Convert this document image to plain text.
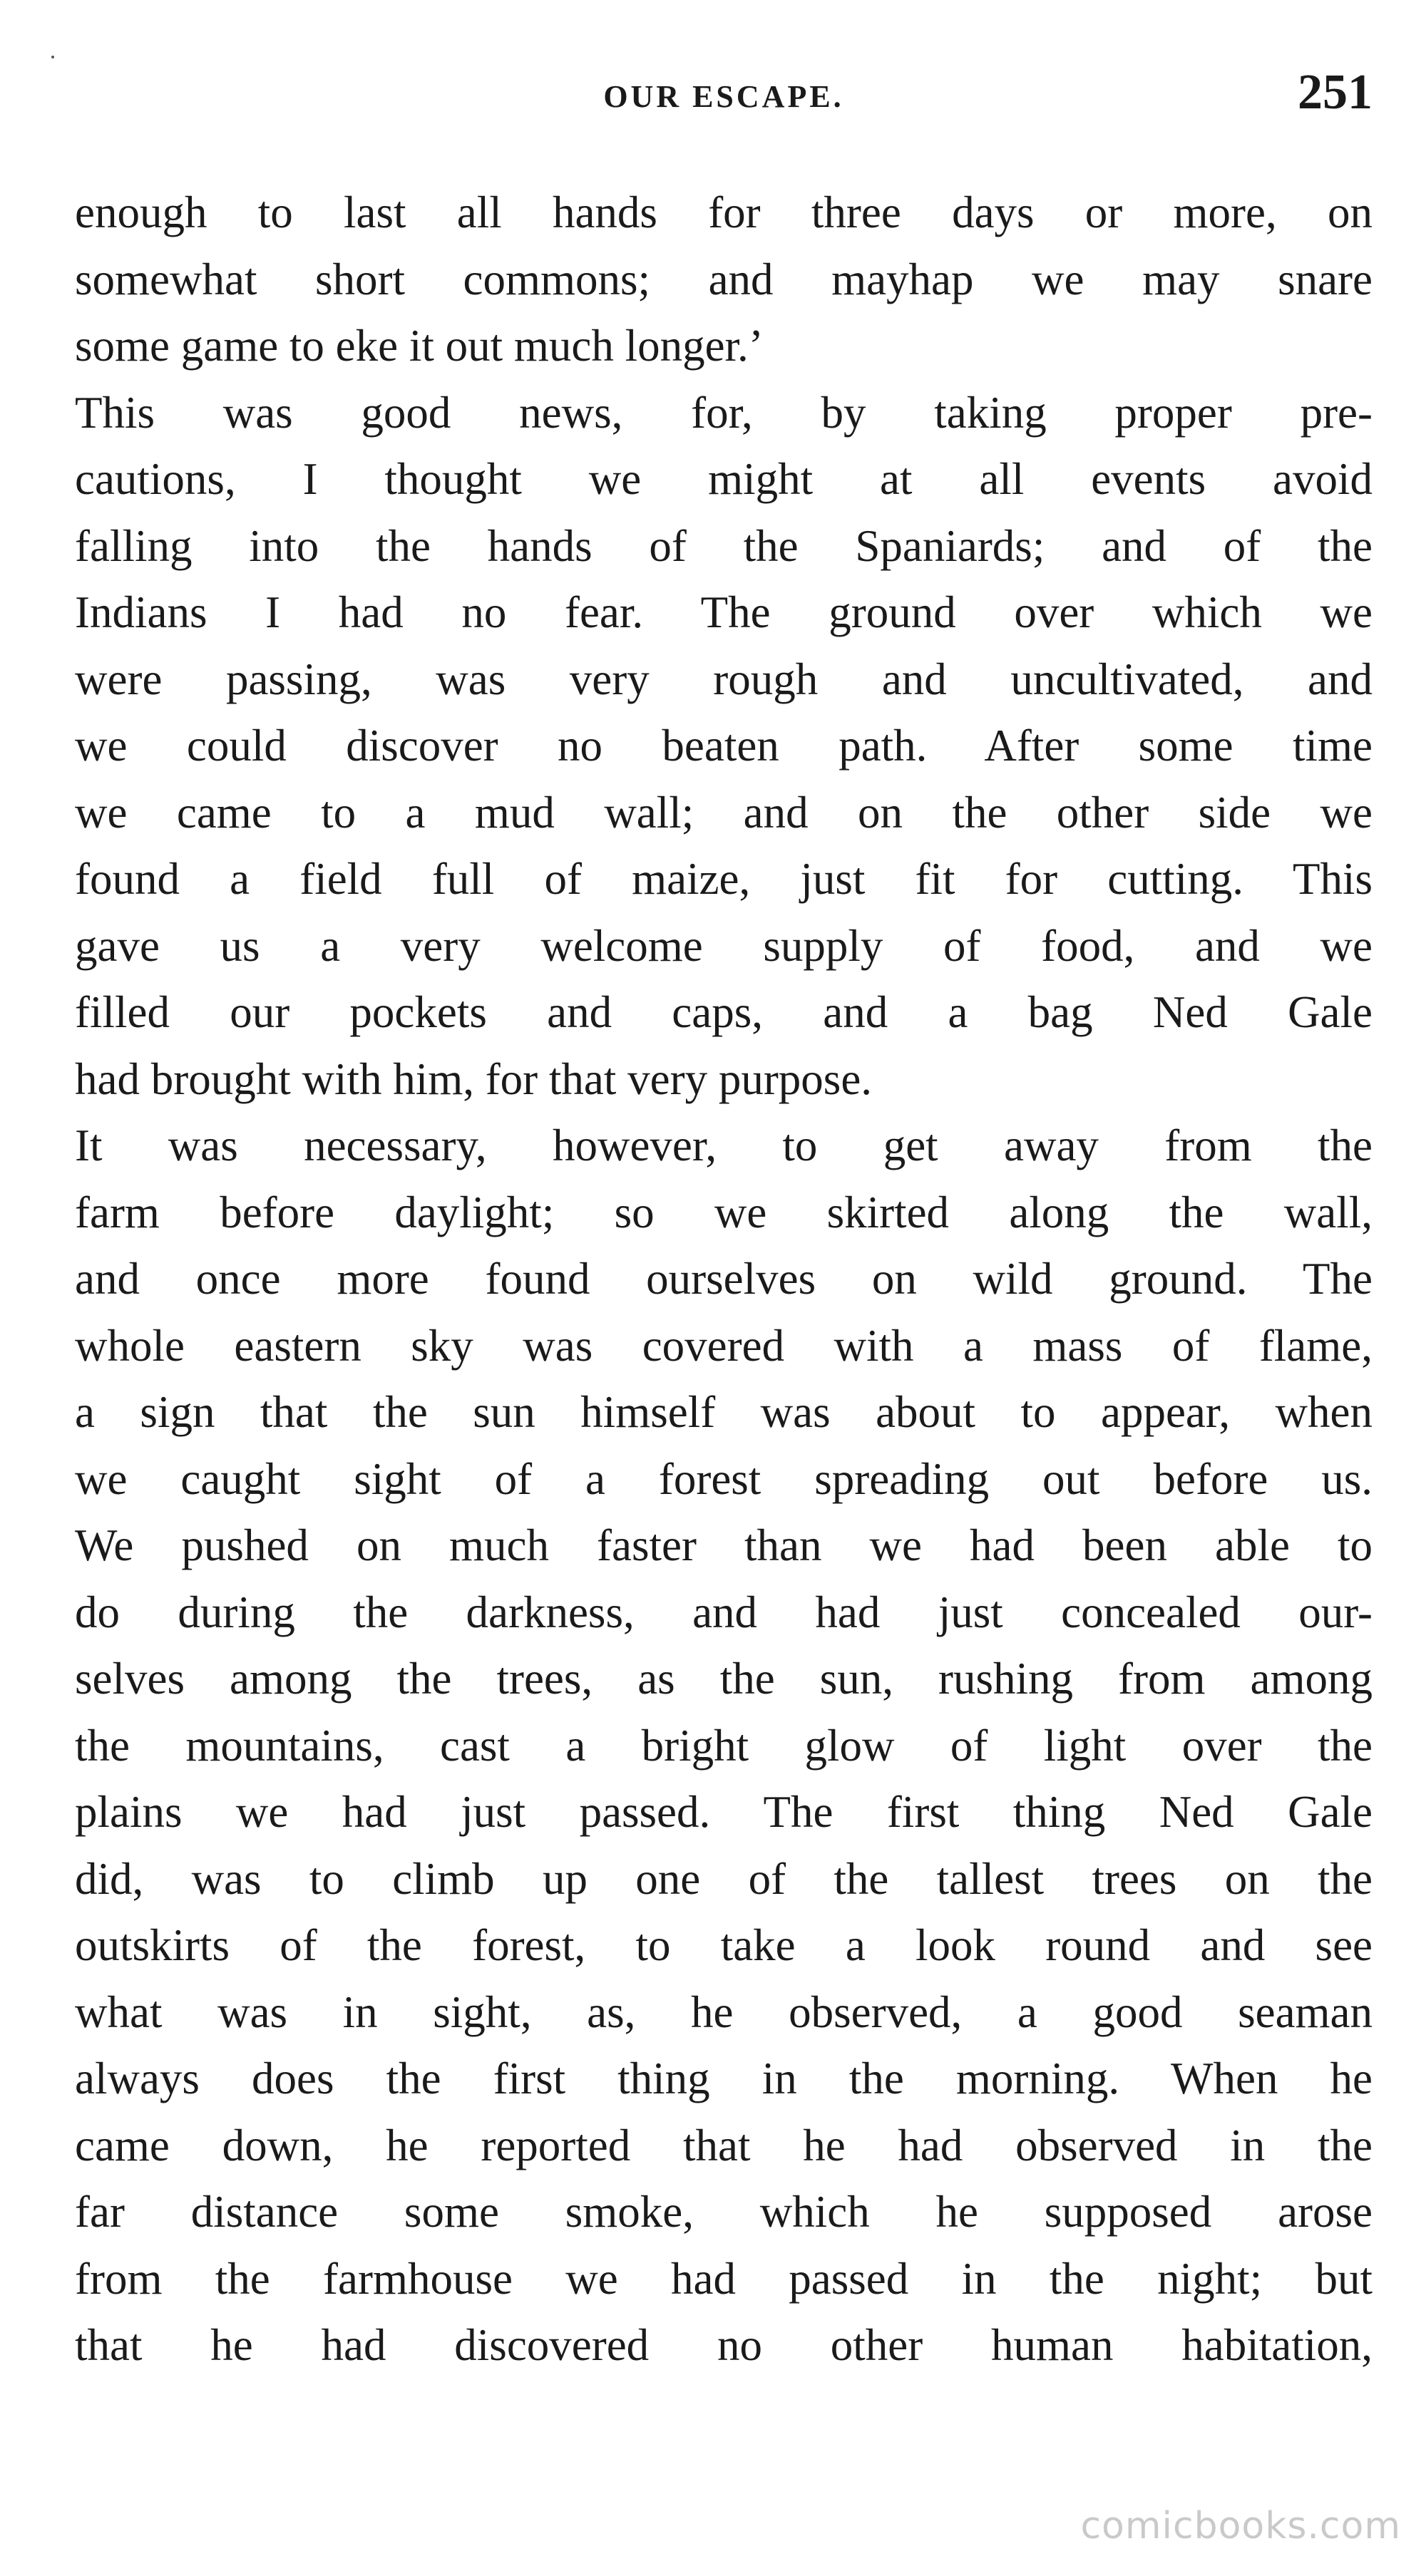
OUR ESCAPE.	251
enough to last all hands for three days or more, on
somewhat short commons; and mayhap we may snare
some game to eke it out much longer.’
This was good news, for, by taking proper pre-
cautions, I thought we might at all events avoid
falling into the hands of the Spaniards; and of the
Indians I had no fear. The ground over which we
were passing, was very rough and uncultivated, and
we could discover no beaten path. After some time
we came to a mud wall; and on the other side we
found a field full of maize, just fit for cutting. This
gave us a very welcome supply of food, and we
filled our pockets and caps, and a bag Ned Gale
had brought with him, for that very purpose.
It was necessary, however, to get away from the
farm before daylight; so we skirted along the wall,
and once more found ourselves on wild ground. The
whole eastern sky was covered with a mass of flame,
a sign that the sun himself was about to appear, when
we caught sight of a forest spreading out before us.
We pushed on much faster than we had been able to
do during the darkness, and had just concealed our-
selves among the trees, as the sun, rushing from among
the mountains, cast a bright glow of light over the
plains we had just passed. The first thing Ned Gale
did, was to climb up one of the tallest trees on the
outskirts of the forest, to take a look round and see
what was in sight, as, he observed, a good seaman
always does the first thing in the morning. When he
came down, he reported that he had observed in the
far distance some smoke, which he supposed arose
from the farmhouse we had passed in the night; but
that he had discovered no other human habitation,
comicbooks.com
